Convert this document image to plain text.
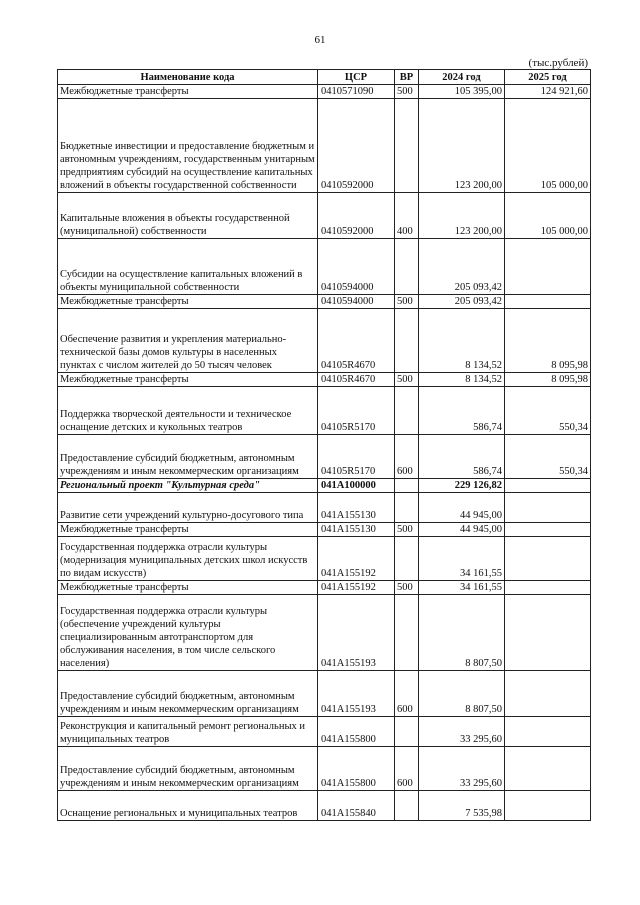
61
(тыс.рублей)
Наименование кода	ЦСР	ВР	2024 год	2025 год
Межбюджетные трансферты	0410571090	500	105 395,00	124 921,60
Бюджетные инвестиции и предоставление бюджетным и автономным учреждениям, государственным унитарным предприятиям субсидий на осуществление капитальных вложений в объекты государственной собственности	0410592000		123 200,00	105 000,00
Капитальные вложения в объекты государственной (муниципальной) собственности	0410592000	400	123 200,00	105 000,00
Субсидии на осуществление капитальных вложений в объекты муниципальной собственности	0410594000		205 093,42	
Межбюджетные трансферты	0410594000	500	205 093,42	
Обеспечение развития и укрепления материально-технической базы домов культуры в населенных пунктах с числом жителей до 50 тысяч человек	04105R4670		8 134,52	8 095,98
Межбюджетные трансферты	04105R4670	500	8 134,52	8 095,98
Поддержка творческой деятельности и техническое оснащение детских и кукольных театров	04105R5170		586,74	550,34
Предоставление субсидий бюджетным, автономным учреждениям и иным некоммерческим организациям	04105R5170	600	586,74	550,34
Региональный проект "Культурная среда"	041A100000		229 126,82	
Развитие сети учреждений культурно-досугового типа	041A155130		44 945,00	
Межбюджетные трансферты	041A155130	500	44 945,00	
Государственная поддержка отрасли культуры (модернизация муниципальных детских школ искусств по видам искусств)	041A155192		34 161,55	
Межбюджетные трансферты	041A155192	500	34 161,55	
Государственная поддержка отрасли культуры (обеспечение учреждений культуры специализированным автотранспортом для обслуживания населения, в том числе сельского населения)	041A155193		8 807,50	
Предоставление субсидий бюджетным, автономным учреждениям и иным некоммерческим организациям	041A155193	600	8 807,50	
Реконструкция и капитальный ремонт региональных и муниципальных театров	041A155800		33 295,60	
Предоставление субсидий бюджетным, автономным учреждениям и иным некоммерческим организациям	041A155800	600	33 295,60	
Оснащение региональных и муниципальных театров	041A155840		7 535,98	
